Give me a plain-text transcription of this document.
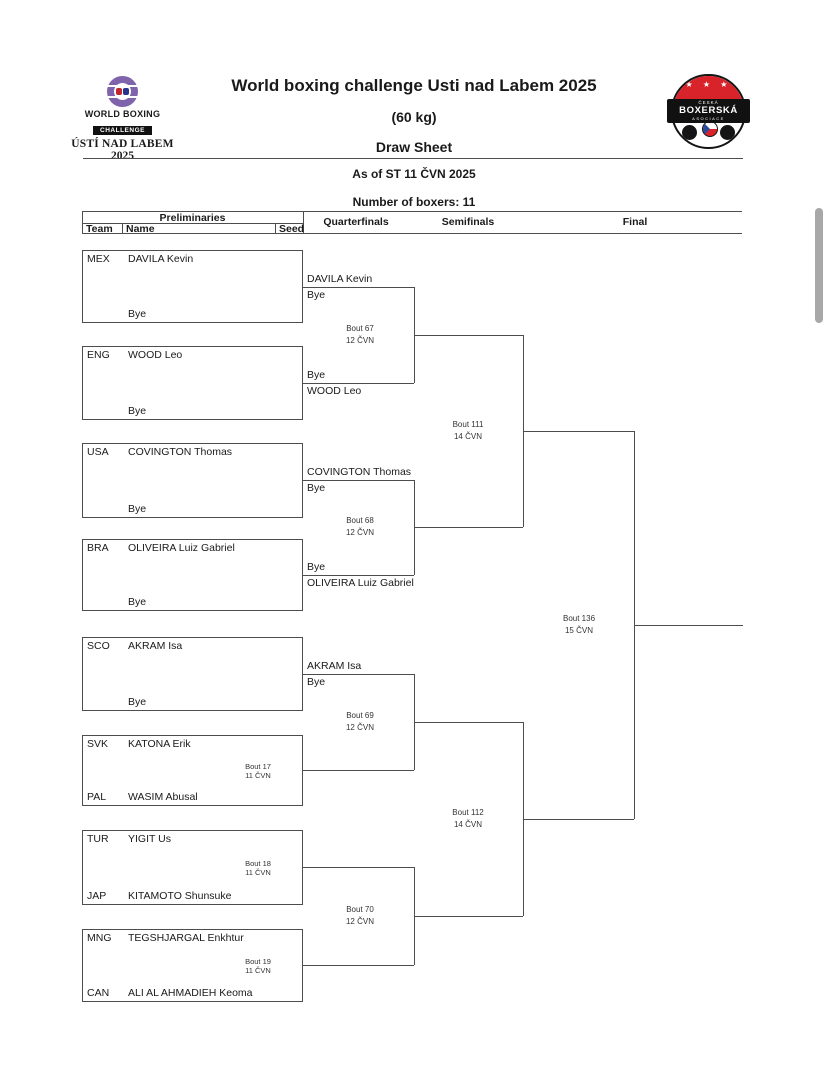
WORLD BOXING
CHALLENGE
ÚSTÍ NAD LABEM
2025
★ ★ ★
ČESKÁ
BOXERSKÁ
ASOCIACE
World boxing challenge Usti nad Labem 2025
(60 kg)
Draw Sheet
As of ST 11 ČVN 2025
Number of boxers: 11
Preliminaries
Team Name	Seed
Quarterfinals	Semifinals	Final
MEX DAVILA Kevin
Bye
ENG WOOD Leo
Bye
USA COVINGTON Thomas
Bye
BRA OLIVEIRA Luiz Gabriel
Bye
SCO AKRAM Isa
Bye
SVK KATONA Erik
Bout 17
11 ČVN
PAL WASIM Abusal
TUR YIGIT Us
Bout 18
11 ČVN
JAP KITAMOTO Shunsuke
MNG TEGSHJARGAL Enkhtur
Bout 19
11 ČVN
CAN ALI AL AHMADIEH Keoma
DAVILA Kevin
Bye
Bye
WOOD Leo
COVINGTON Thomas
Bye
Bye
OLIVEIRA Luiz Gabriel
AKRAM Isa
Bye
Bout 67
12 ČVN
Bout 68
12 ČVN
Bout 69
12 ČVN
Bout 70
12 ČVN
Bout 111
14 ČVN
Bout 112
14 ČVN
Bout 136
15 ČVN
